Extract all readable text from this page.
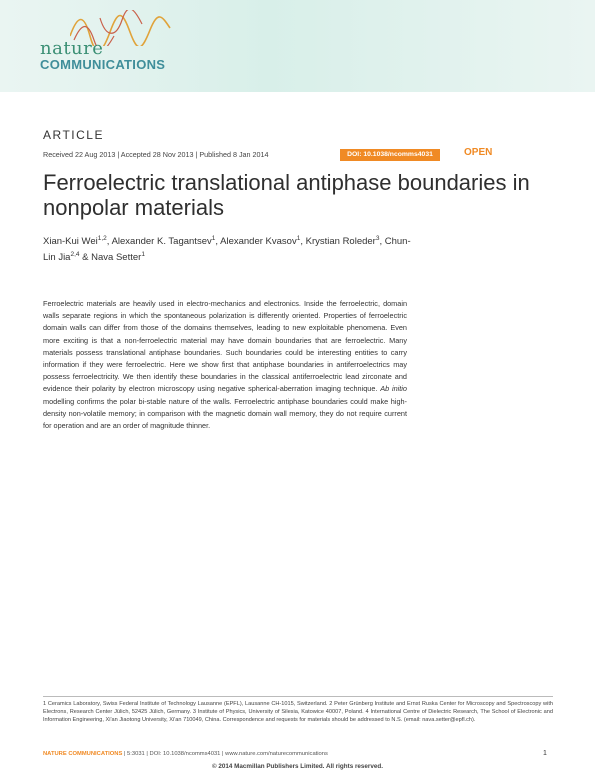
nature
COMMUNICATIONS
ARTICLE
Received 22 Aug 2013 | Accepted 28 Nov 2013 | Published 8 Jan 2014	DOI: 10.1038/ncomms4031	OPEN
Ferroelectric translational antiphase boundaries in nonpolar materials
Xian-Kui Wei$^{1,2}$, Alexander K. Tagantsev$^1$, Alexander Kvasov$^1$, Krystian Roleder$^3$, Chun-Lin Jia$^{2,4}$ & Nava Setter$^1$
Ferroelectric materials are heavily used in electro-mechanics and electronics. Inside the ferroelectric, domain walls separate regions in which the spontaneous polarization is differently oriented. Properties of ferroelectric domain walls can differ from those of the domains themselves, leading to new exploitable phenomena. Even more exciting is that a non-ferroelectric material may have domain boundaries that are ferroelectric. Many materials possess translational antiphase boundaries. Such boundaries could be interesting entities to carry information if they were ferroelectric. Here we show first that antiphase boundaries in antiferroelectrics may possess ferroelectricity. We then identify these boundaries in the classical antiferroelectric lead zirconate and evidence their polarity by electron microscopy using negative spherical-aberration imaging technique. Ab initio modelling confirms the polar bi-stable nature of the walls. Ferroelectric antiphase boundaries could make high-density non-volatile memory; in comparison with the magnetic domain wall memory, they do not require current for operation and are an order of magnitude thinner.
1 Ceramics Laboratory, Swiss Federal Institute of Technology Lausanne (EPFL), Lausanne CH-1015, Switzerland. 2 Peter Grünberg Institute and Ernst Ruska Center for Microscopy and Spectroscopy with Electrons, Research Center Jülich, 52425 Jülich, Germany. 3 Institute of Physics, University of Silesia, Katowice 40007, Poland. 4 International Centre of Dielectric Research, The School of Electronic and Information Engineering, Xi'an Jiaotong University, Xi'an 710049, China. Correspondence and requests for materials should be addressed to N.S. (email: nava.setter@epfl.ch).
NATURE COMMUNICATIONS | 5:3031 | DOI: 10.1038/ncomms4031 | www.nature.com/naturecommunications	1
© 2014 Macmillan Publishers Limited. All rights reserved.
